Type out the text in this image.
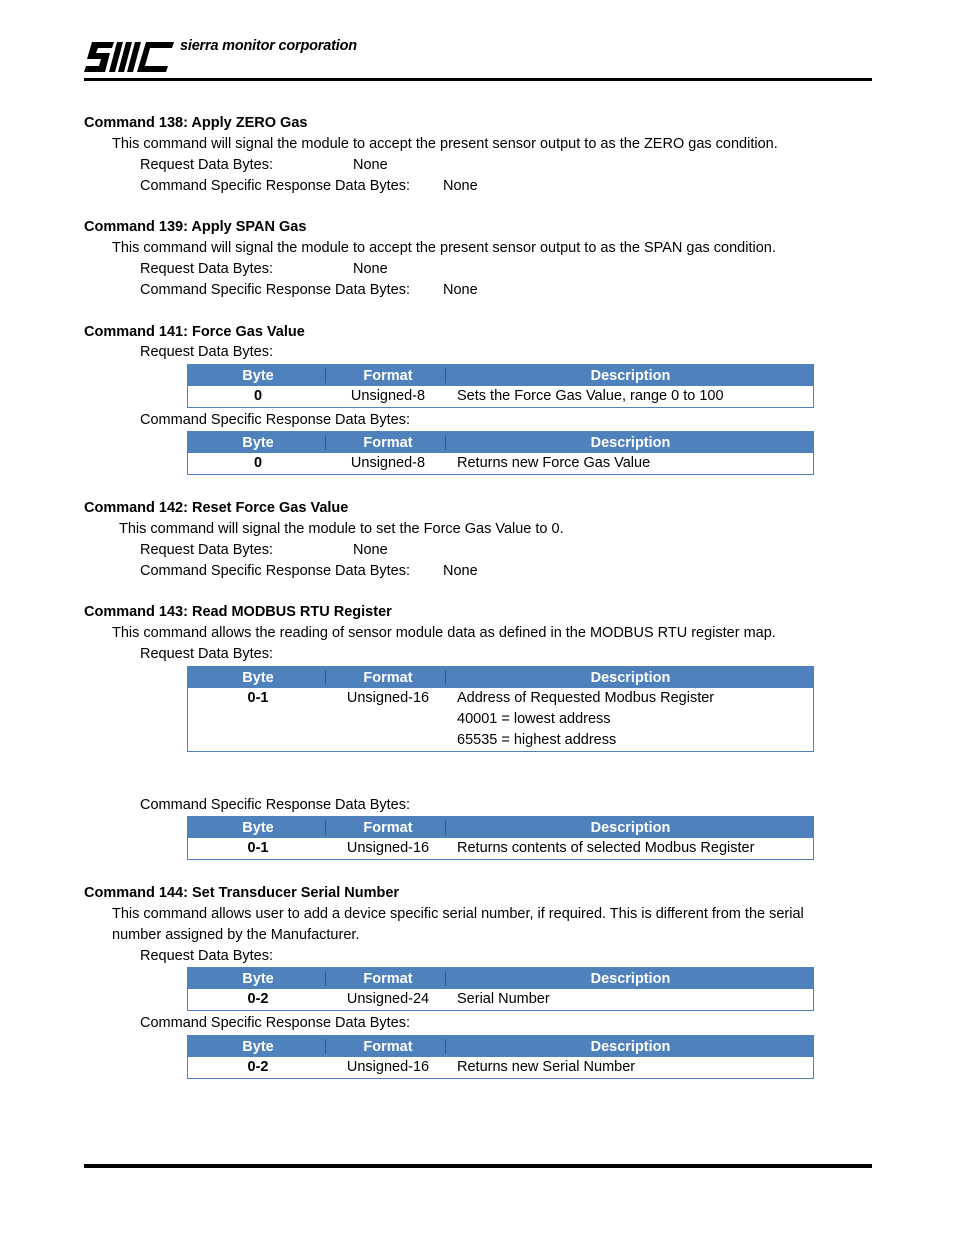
sierra monitor corporation
Command 138: Apply ZERO Gas
This command will signal the module to accept the present sensor output to as the ZERO gas condition.
Request Data Bytes:	None
Command Specific Response Data Bytes: None
Command 139: Apply SPAN Gas
This command will signal the module to accept the present sensor output to as the SPAN gas condition.
Request Data Bytes:	None
Command Specific Response Data Bytes: None
Command 141: Force Gas Value
Request Data Bytes:
Byte	Format	Description
0	Unsigned-8	Sets the Force Gas Value, range 0 to 100
Command Specific Response Data Bytes:
Byte	Format	Description
0	Unsigned-8	Returns new Force Gas Value
Command 142: Reset Force Gas Value
This command will signal the module to set the Force Gas Value to 0.
Request Data Bytes:	None
Command Specific Response Data Bytes: None
Command 143: Read MODBUS RTU Register
This command allows the reading of sensor module data as defined in the MODBUS RTU register map.
Request Data Bytes:
Byte	Format	Description
0-1	Unsigned-16	Address of Requested Modbus Register
40001 = lowest address
65535 = highest address
Command Specific Response Data Bytes:
Byte	Format	Description
0-1	Unsigned-16	Returns contents of selected Modbus Register
Command 144: Set Transducer Serial Number
This command allows user to add a device specific serial number, if required. This is different from the serial
number assigned by the Manufacturer.
Request Data Bytes:
Byte	Format	Description
0-2	Unsigned-24	Serial Number
Command Specific Response Data Bytes:
Byte	Format	Description
0-2	Unsigned-16	Returns new Serial Number
